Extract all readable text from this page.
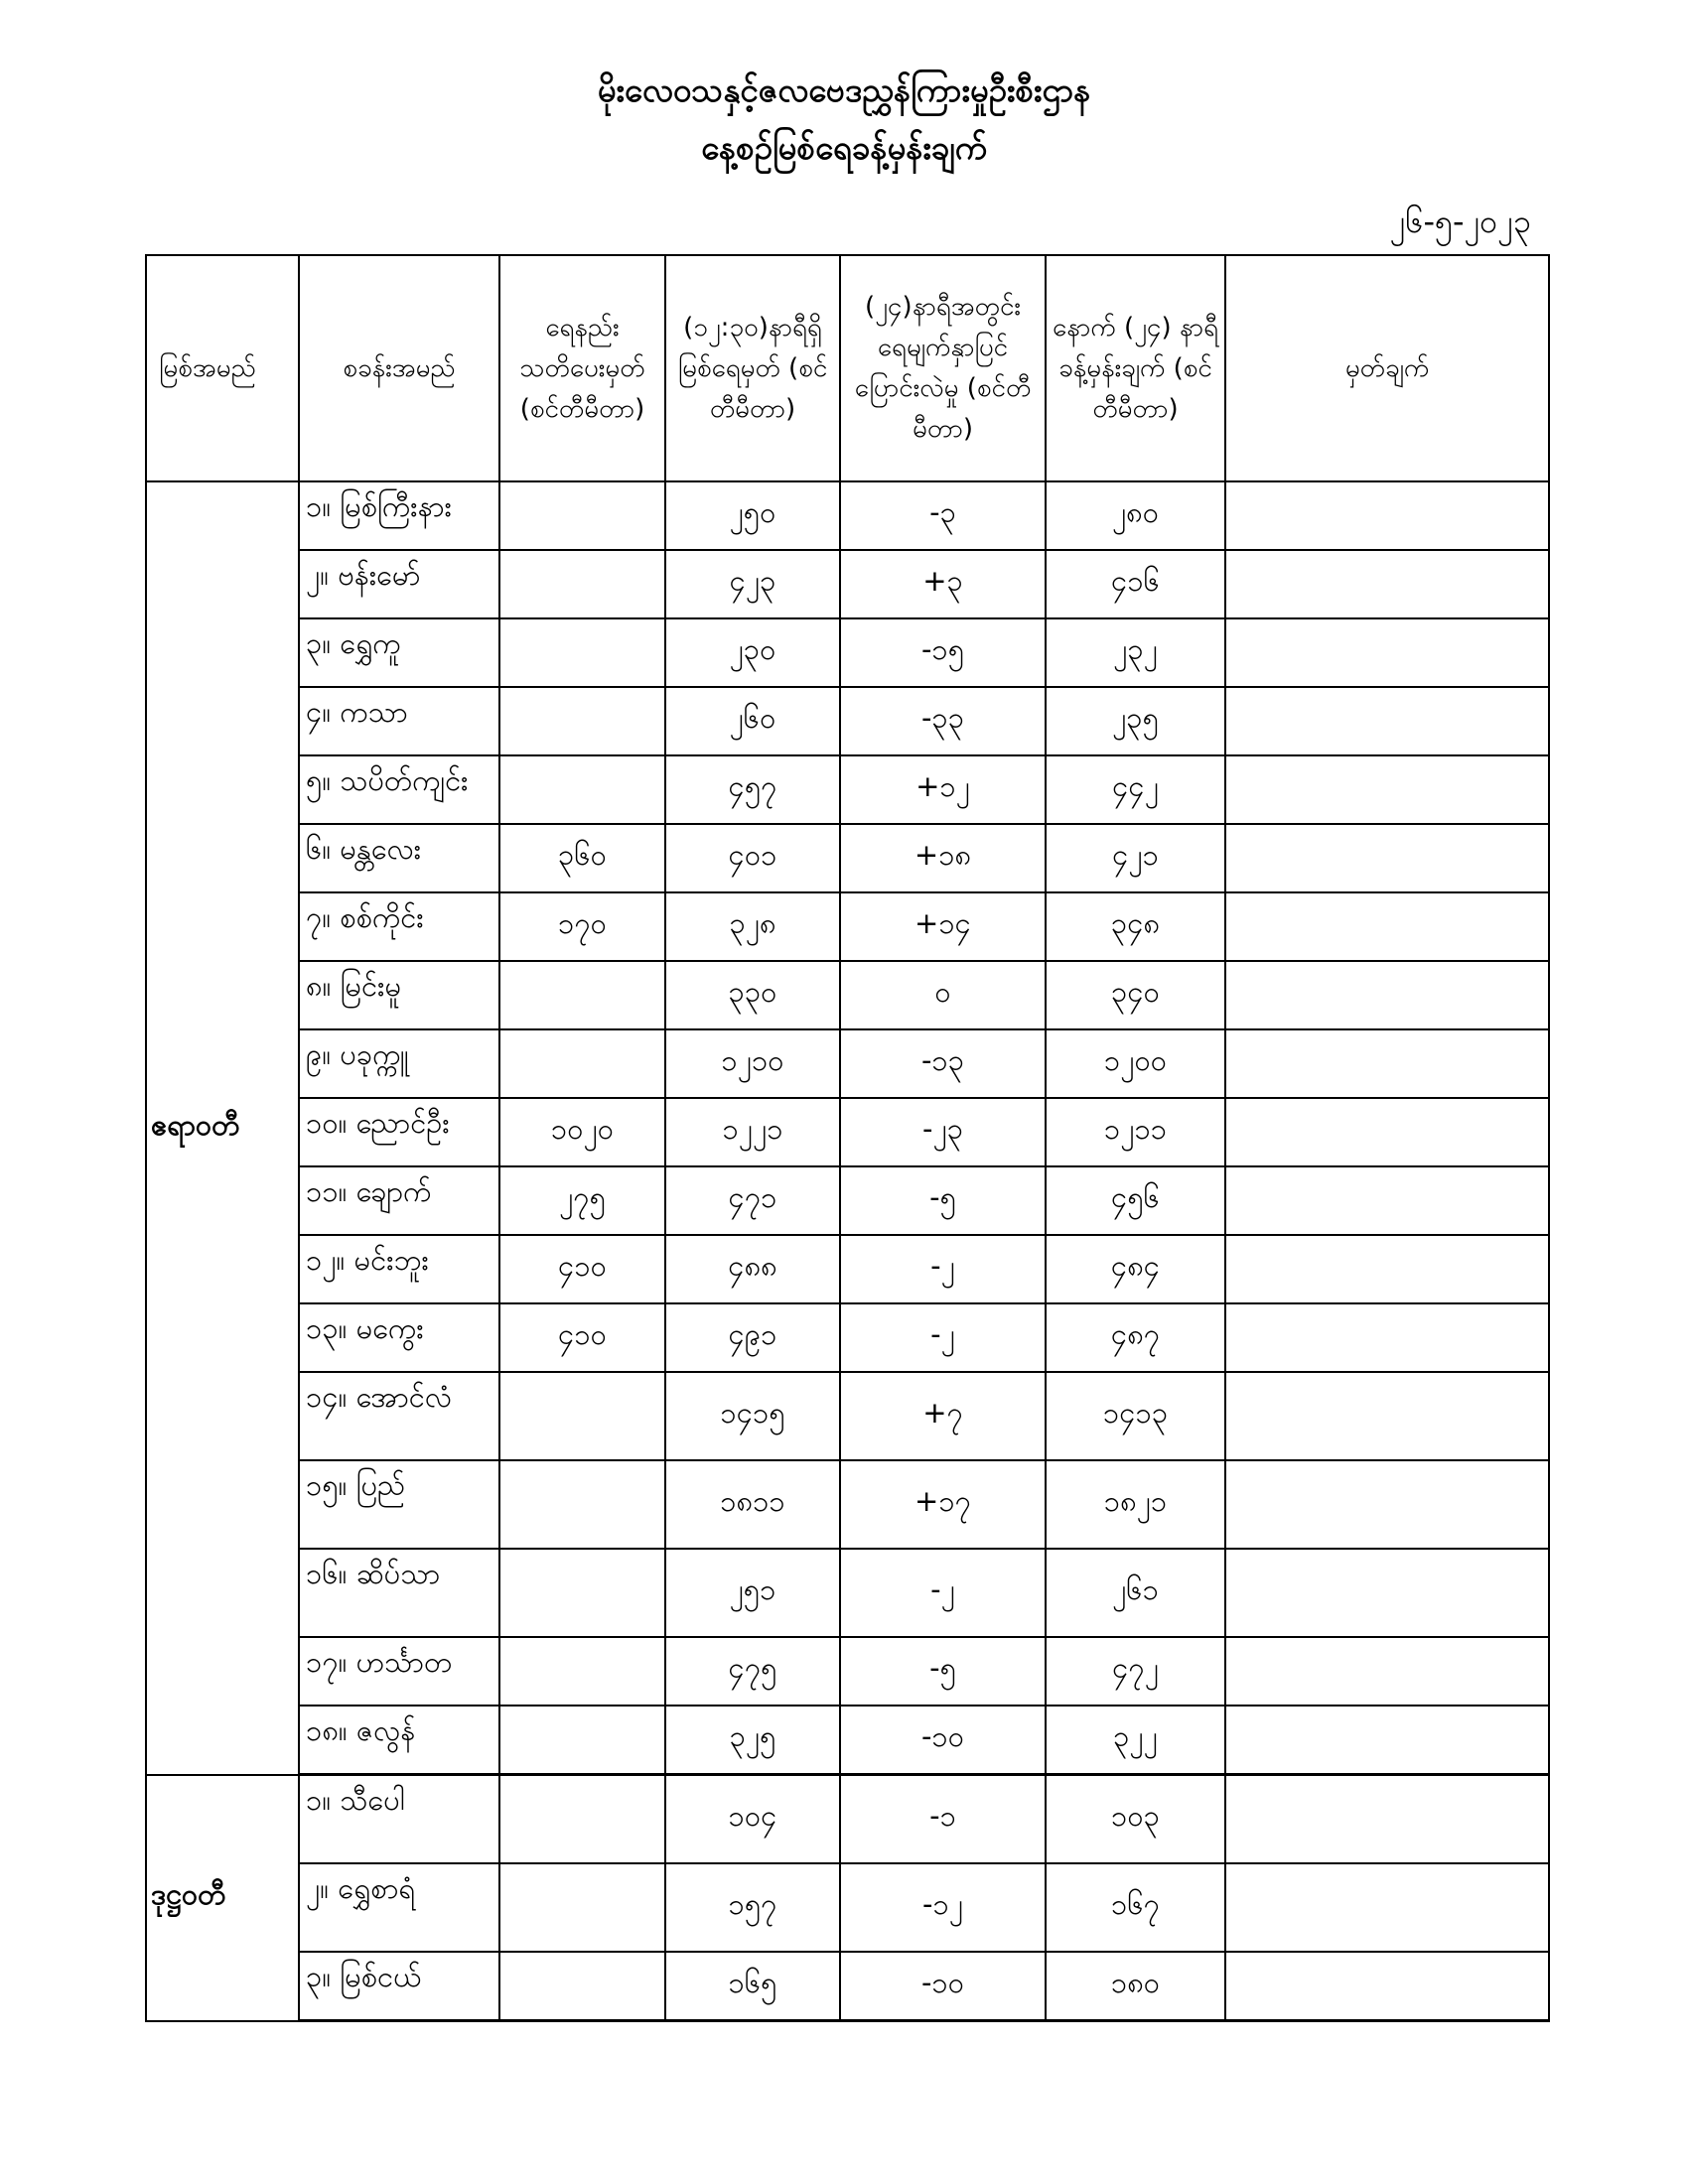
မိုးလေဝသနှင့်ဇလဗေဒညွှန်ကြားမှုဦးစီးဌာန
နေ့စဉ်မြစ်ရေခန့်မှန်းချက်
၂၆-၅-၂၀၂၃
မြစ်အမည်	စခန်းအမည်	ရေနည်း သတိပေးမှတ် (စင်တီမီတာ)	(၁၂:၃၀)နာရီရှိ မြစ်ရေမှတ် (စင်တီမီတာ)	(၂၄)နာရီအတွင်း ရေမျက်နှာပြင် ပြောင်းလဲမှု (စင်တီမီတာ)	နောက် (၂၄) နာရီ ခန့်မှန်းချက် (စင်တီမီတာ)	မှတ်ချက်
ဧရာဝတီ	၁။ မြစ်ကြီးနား		၂၅၀	-၃	၂၈၀	
	၂။ ဗန်းမော်		၄၂၃	+၃	၄၁၆	
	၃။ ရွှေကူ		၂၃၀	-၁၅	၂၃၂	
	၄။ ကသာ		၂၆၀	-၃၃	၂၃၅	
	၅။ သပိတ်ကျင်း		၄၅၇	+၁၂	၄၄၂	
	၆။ မန္တလေး	၃၆၀	၄၀၁	+၁၈	၄၂၁	
	၇။ စစ်ကိုင်း	၁၇၀	၃၂၈	+၁၄	၃၄၈	
	၈။ မြင်းမူ		၃၃၀	၀	၃၄၀	
	၉။ ပခုက္ကူ		၁၂၁၀	-၁၃	၁၂၀၀	
	၁၀။ ညောင်ဦး	၁၀၂၀	၁၂၂၁	-၂၃	၁၂၁၁	
	၁၁။ ချောက်	၂၇၅	၄၇၁	-၅	၄၅၆	
	၁၂။ မင်းဘူး	၄၁၀	၄၈၈	-၂	၄၈၄	
	၁၃။ မကွေး	၄၁၀	၄၉၁	-၂	၄၈၇	
	၁၄။ အောင်လံ		၁၄၁၅	+၇	၁၄၁၃	
	၁၅။ ပြည်		၁၈၁၁	+၁၇	၁၈၂၁	
	၁၆။ ဆိပ်သာ		၂၅၁	-၂	၂၆၁	
	၁၇။ ဟင်္သာတ		၄၇၅	-၅	၄၇၂	
	၁၈။ ဇလွန်		၃၂၅	-၁၀	၃၂၂	
ဒုဋ္ဌဝတီ	၁။ သီပေါ		၁၀၄	-၁	၁၀၃	
	၂။ ရွှေစာရံ		၁၅၇	-၁၂	၁၆၇	
	၃။ မြစ်ငယ်		၁၆၅	-၁၀	၁၈၀	
